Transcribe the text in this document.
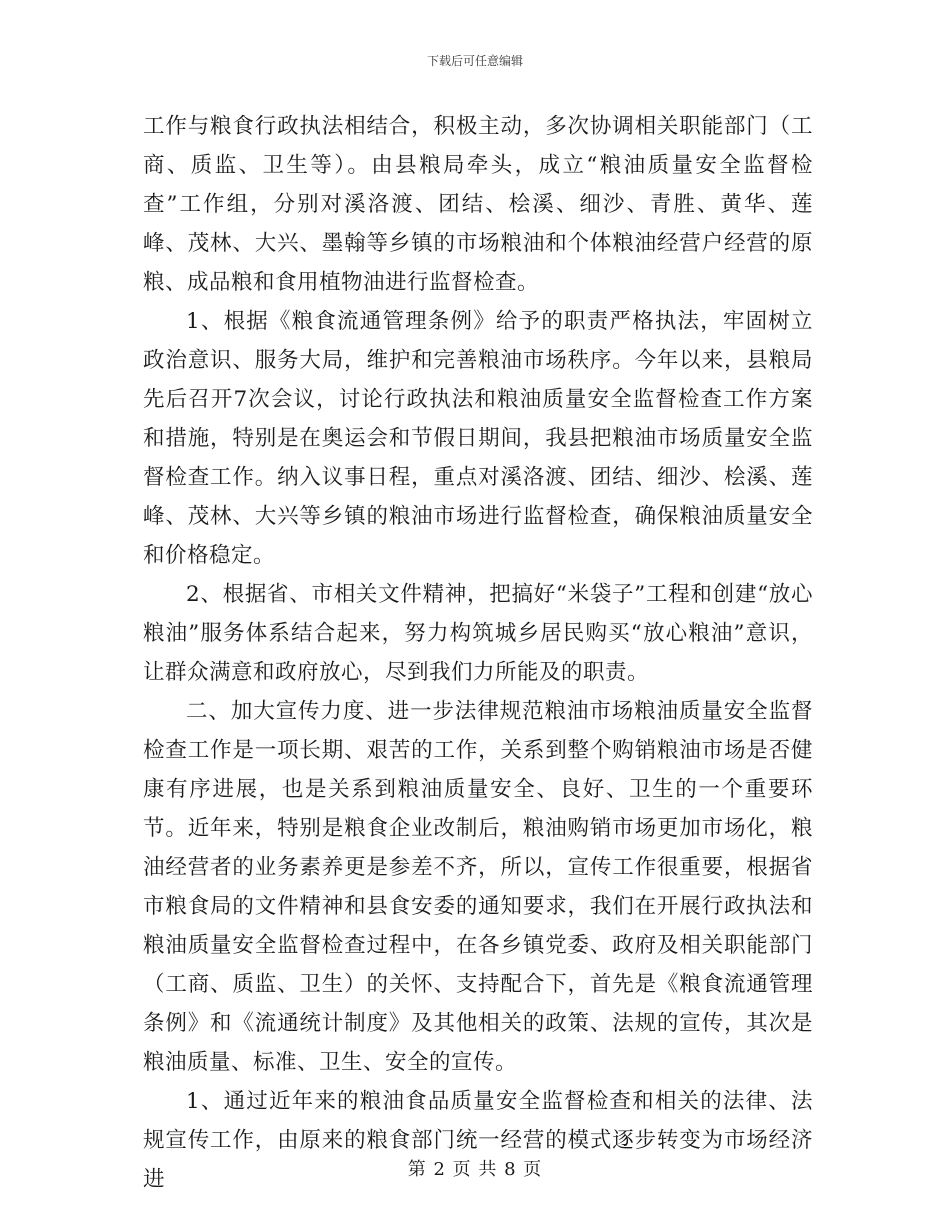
下载后可任意编辑

工作与粮食行政执法相结合，积极主动，多次协调相关职能部门（工商、质监、卫生等）。由县粮局牵头，成立“粮油质量安全监督检查”工作组，分别对溪洛渡、团结、桧溪、细沙、青胜、黄华、莲峰、茂林、大兴、墨翰等乡镇的市场粮油和个体粮油经营户经营的原粮、成品粮和食用植物油进行监督检查。

1、根据《粮食流通管理条例》给予的职责严格执法，牢固树立政治意识、服务大局，维护和完善粮油市场秩序。今年以来，县粮局先后召开7次会议，讨论行政执法和粮油质量安全监督检查工作方案和措施，特别是在奥运会和节假日期间，我县把粮油市场质量安全监督检查工作。纳入议事日程，重点对溪洛渡、团结、细沙、桧溪、莲峰、茂林、大兴等乡镇的粮油市场进行监督检查，确保粮油质量安全和价格稳定。

2、根据省、市相关文件精神，把搞好“米袋子”工程和创建“放心粮油”服务体系结合起来，努力构筑城乡居民购买“放心粮油”意识，让群众满意和政府放心，尽到我们力所能及的职责。

二、加大宣传力度、进一步法律规范粮油市场粮油质量安全监督检查工作是一项长期、艰苦的工作，关系到整个购销粮油市场是否健康有序进展，也是关系到粮油质量安全、良好、卫生的一个重要环节。近年来，特别是粮食企业改制后，粮油购销市场更加市场化，粮油经营者的业务素养更是参差不齐，所以，宣传工作很重要，根据省市粮食局的文件精神和县食安委的通知要求，我们在开展行政执法和粮油质量安全监督检查过程中，在各乡镇党委、政府及相关职能部门（工商、质监、卫生）的关怀、支持配合下，首先是《粮食流通管理条例》和《流通统计制度》及其他相关的政策、法规的宣传，其次是粮油质量、标准、卫生、安全的宣传。

1、通过近年来的粮油食品质量安全监督检查和相关的法律、法规宣传工作，由原来的粮食部门统一经营的模式逐步转变为市场经济进	第 2 页 共 8 页
